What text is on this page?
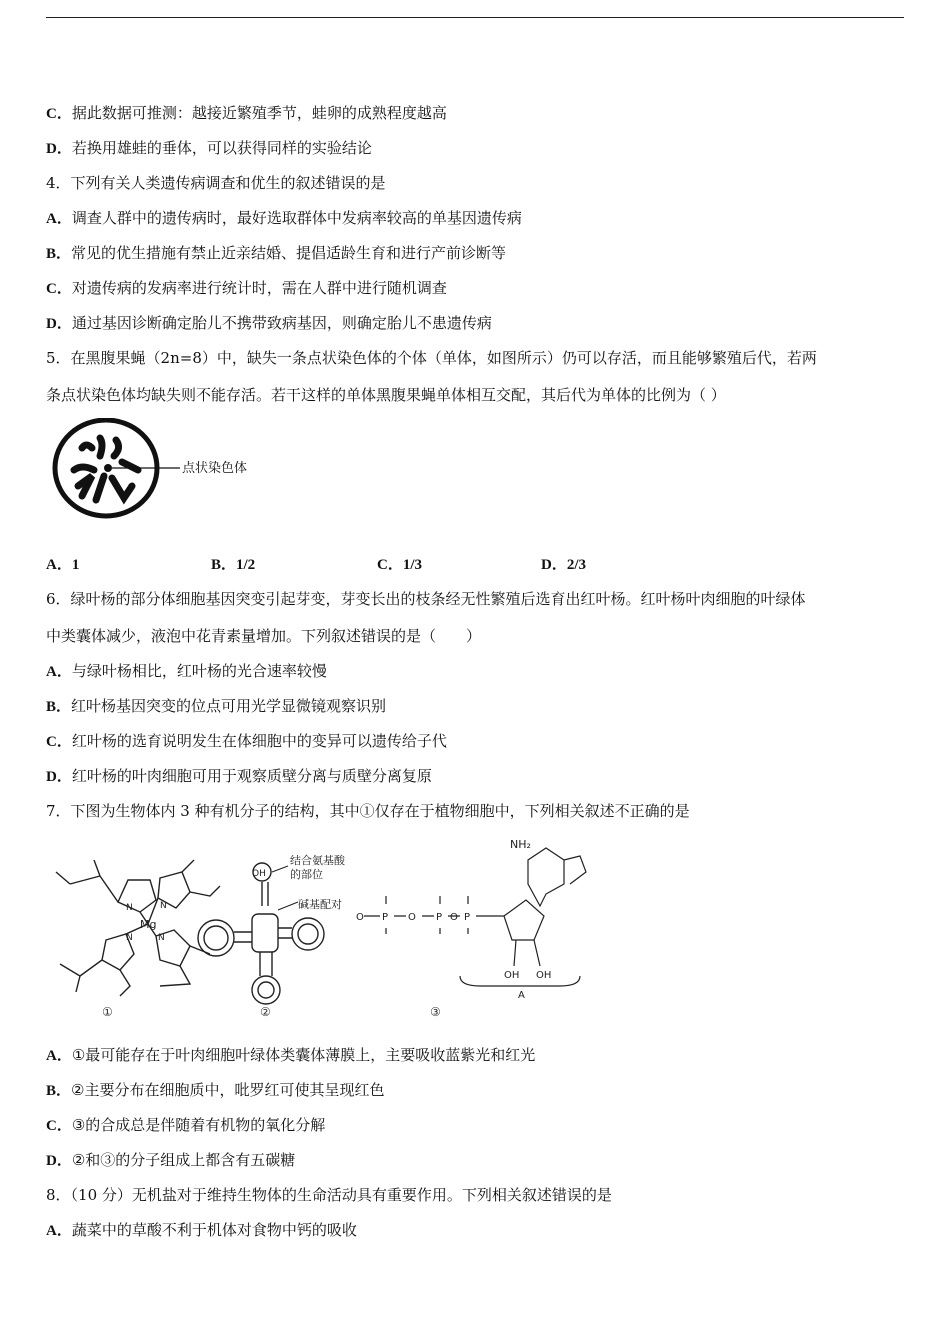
C．据此数据可推测：越接近繁殖季节，蛙卵的成熟程度越高
D．若换用雄蛙的垂体，可以获得同样的实验结论
4．下列有关人类遗传病调查和优生的叙述错误的是
A．调查人群中的遗传病时，最好选取群体中发病率较高的单基因遗传病
B．常见的优生措施有禁止近亲结婚、提倡适龄生育和进行产前诊断等
C．对遗传病的发病率进行统计时，需在人群中进行随机调查
D．通过基因诊断确定胎儿不携带致病基因，则确定胎儿不患遗传病
5．在黑腹果蝇（2n=8）中，缺失一条点状染色体的个体（单体，如图所示）仍可以存活，而且能够繁殖后代，若两
条点状染色体均缺失则不能存活。若干这样的单体黑腹果蝇单体相互交配，其后代为单体的比例为（ ）
6．绿叶杨的部分体细胞基因突变引起芽变，芽变长出的枝条经无性繁殖后选育出红叶杨。红叶杨叶肉细胞的叶绿体
中类囊体减少，液泡中花青素量增加。下列叙述错误的是（　　）
A．与绿叶杨相比，红叶杨的光合速率较慢
B．红叶杨基因突变的位点可用光学显微镜观察识别
C．红叶杨的选育说明发生在体细胞中的变异可以遗传给子代
D．红叶杨的叶肉细胞可用于观察质壁分离与质壁分离复原
7．下图为生物体内 3 种有机分子的结构，其中①仅存在于植物细胞中，下列相关叙述不正确的是
A．①最可能存在于叶肉细胞叶绿体类囊体薄膜上，主要吸收蓝紫光和红光
B．②主要分布在细胞质中，吡罗红可使其呈现红色
C．③的合成总是伴随着有机物的氧化分解
D．②和③的分子组成上都含有五碳糖
8．（10 分）无机盐对于维持生物体的生命活动具有重要作用。下列相关叙述错误的是
A．蔬菜中的草酸不利于机体对食物中钙的吸收
点状染色体
A．1	B．1/2	C．1/3	D．2/3
Mg
N	N
N
N
①
OH
结合氨基酸
的部位
碱基配对
②
NH₂
O P O P O P
OH OH
A
③
